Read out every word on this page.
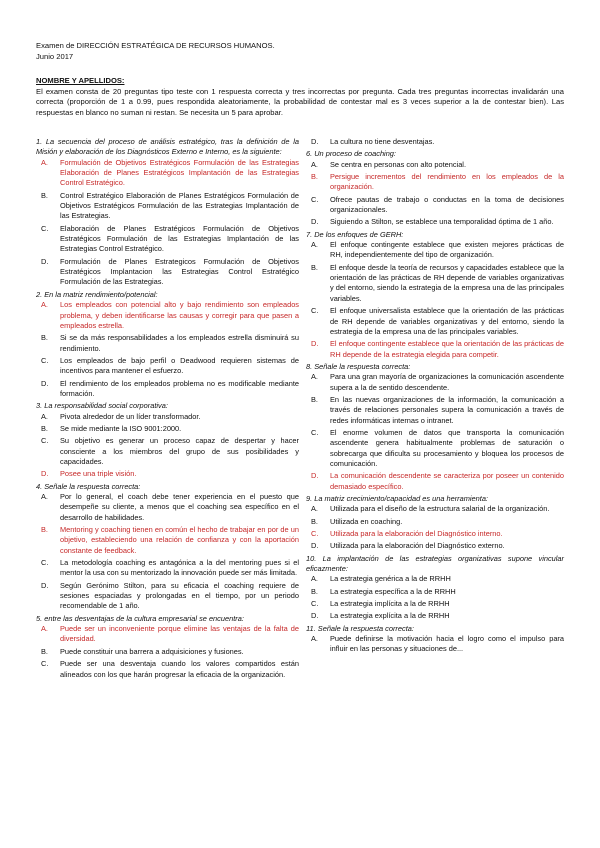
Examen de DIRECCIÓN ESTRATÉGICA DE RECURSOS HUMANOS.
Junio 2017
NOMBRE Y APELLIDOS:
El examen consta de 20 preguntas tipo teste con 1 respuesta correcta y tres incorrectas por pregunta. Cada tres preguntas incorrectas invalidarán una correcta (proporción de 1 a 0.99, pues respondida aleatoriamente, la probabilidad de contestar mal es 3 veces superior a la de contestar bien). Las respuestas en blanco no suman ni restan. Se necesita un 5 para aprobar.
1. La secuencia del proceso de análisis estratégico, tras la definición de la Misión y elaboración de los Diagnósticos Externo e Interno, es la siguiente:
A.	Formulación de Objetivos Estratégicos Formulación de las Estrategias Elaboración de Planes Estratégicos Implantación de las Estrategias Control Estratégico.
B.	Control Estratégico Elaboración de Planes Estratégicos Formulación de Objetivos Estratégicos Formulación de las Estrategias Implantación de las Estrategias.
C.	Elaboración de Planes Estratégicos Formulación de Objetivos Estratégicos Formulación de las Estrategias Implantación de las Estrategias Control Estratégico.
D.	Formulación de Planes Estrategicos Formulación de Objetivos Estratégicos Implantacion las Estrategias Control Estratégico Formulación de las Estrategias.
2. En la matriz rendimiento/potencial:
A.	Los empleados con potencial alto y bajo rendimiento son empleados problema, y deben identificarse las causas y corregir para que pasen a empleados estrella.
B.	Si se da más responsabilidades a los empleados estrella disminuirá su rendimiento.
C.	Los empleados de bajo perfil o Deadwood requieren sistemas de incentivos para mantener el esfuerzo.
D.	El rendimiento de los empleados problema no es modificable mediante formación.
3. La responsabilidad social corporativa:
A.	Pivota alrededor de un líder transformador.
B.	Se mide mediante la ISO 9001:2000.
C.	Su objetivo es generar un proceso capaz de despertar y hacer consciente a los miembros del grupo de sus posibilidades y capacidades.
D.	Posee una triple visión.
4. Señale la respuesta correcta:
A.	Por lo general, el coach debe tener experiencia en el puesto que desempeñe su cliente, a menos que el coaching sea específico en el desarrollo de habilidades.
B.	Mentoring y coaching tienen en común el hecho de trabajar en por de un objetivo, estableciendo una relación de confianza y con la aportación constante de feedback.
C.	La metodología coaching es antagónica a la del mentoring pues si el mentor la usa con su mentorizado la innovación puede ser más limitada.
D.	Según Gerónimo Stilton, para su eficacia el coaching requiere de sesiones espaciadas y prolongadas en el tiempo, por un periodo recomendable de 1 año.
5. entre las desventajas de la cultura empresarial se encuentra:
A.	Puede ser un inconveniente porque elimine las ventajas de la falta de diversidad.
B.	Puede constituir una barrera a adquisiciones y fusiones.
C.	Puede ser una desventaja cuando los valores compartidos están alineados con los que harán progresar la eficacia de la organización.
D.	La cultura no tiene desventajas.
6. Un proceso de coaching:
A.	Se centra en personas con alto potencial.
B.	Persigue incrementos del rendimiento en los empleados de la organización.
C.	Ofrece pautas de trabajo o conductas en la toma de decisiones organizacionales.
D.	Siguiendo a Stilton, se establece una temporalidad óptima de 1 año.
7. De los enfoques de GERH:
A.	El enfoque contingente establece que existen mejores prácticas de RH, independientemente del tipo de organización.
B.	El enfoque desde la teoría de recursos y capacidades establece que la orientación de las prácticas de RH depende de variables organizativas y del entorno, siendo la estrategia de la empresa una de las principales variables.
C.	El enfoque universalista establece que la orientación de las prácticas de RH depende de variables organizativas y del entorno, siendo la estrategia de la empresa una de las principales variables.
D.	El enfoque contingente establece que la orientación de las prácticas de RH depende de la estrategia elegida para competir.
8. Señale la respuesta correcta:
A.	Para una gran mayoría de organizaciones la comunicación ascendente supera a la de sentido descendente.
B.	En las nuevas organizaciones de la información, la comunicación a través de relaciones personales supera la comunicación a través de redes informáticas internas o intranet.
C.	El enorme volumen de datos que transporta la comunicación ascendente genera habitualmente problemas de saturación o sobrecarga que dificulta su procesamiento y bloquea los procesos de comunicación.
D.	La comunicación descendente se caracteriza por poseer un contenido demasiado específico.
9. La matriz crecimiento/capacidad es una herramienta:
A.	Utilizada para el diseño de la estructura salarial de la organización.
B.	Utilizada en coaching.
C.	Utilizada para la elaboración del Diagnóstico interno.
D.	Utilizada para la elaboración del Diagnóstico externo.
10. La implantación de las estrategias organizativas supone vincular eficazmente:
A.	La estrategia genérica a la de RRHH
B.	La estrategia específica a la de RRHH
C.	La estrategia implícita a la de RRHH
D.	La estrategia explícita a la de RRHH
11. Señale la respuesta correcta:
A.	Puede definirse la motivación hacia el logro como el impulso para influir en las personas y situaciones de...
